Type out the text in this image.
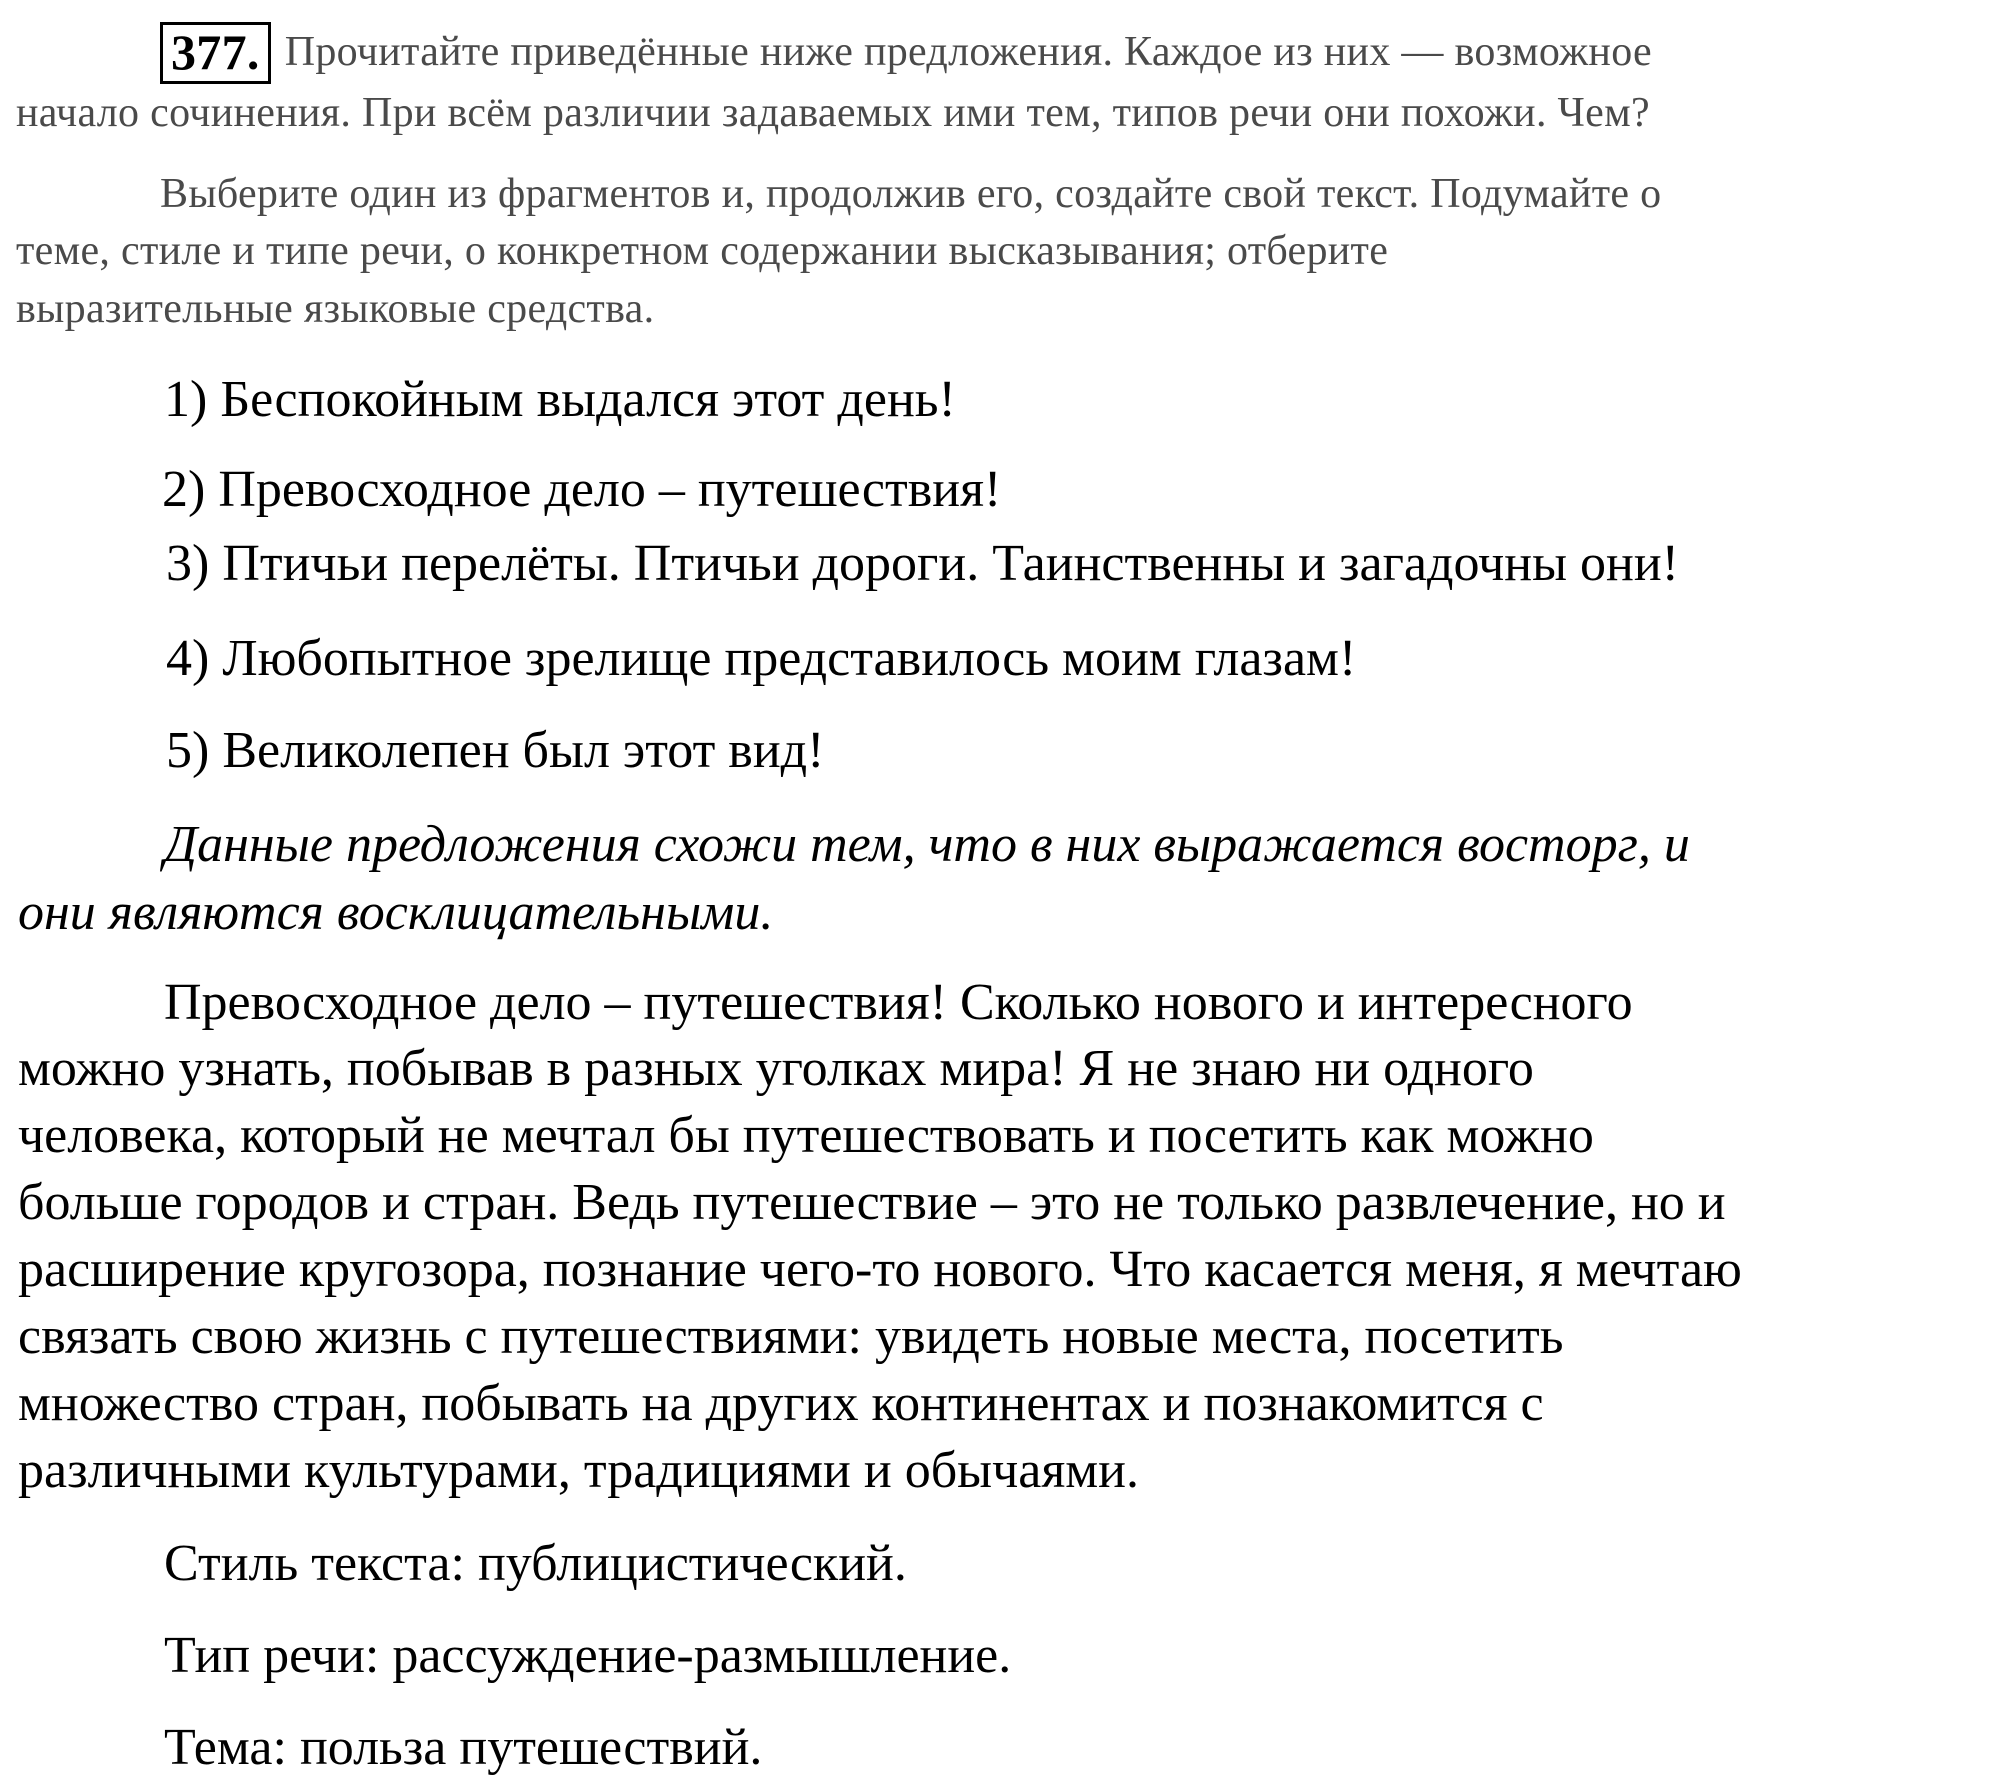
377. Прочитайте приведённые ниже предложения. Каждое из них — возможное
начало сочинения. При всём различии задаваемых ими тем, типов речи они похожи. Чем?
Выберите один из фрагментов и, продолжив его, создайте свой текст. Подумайте о
теме, стиле и типе речи, о конкретном содержании высказывания; отберите
выразительные языковые средства.
1) Беспокойным выдался этот день!
2) Превосходное дело – путешествия!
3) Птичьи перелёты. Птичьи дороги. Таинственны и загадочны они!
4) Любопытное зрелище представилось моим глазам!
5) Великолепен был этот вид!
Данные предложения схожи тем, что в них выражается восторг, и
они являются восклицательными.
Превосходное дело – путешествия! Сколько нового и интересного
можно узнать, побывав в разных уголках мира! Я не знаю ни одного
человека, который не мечтал бы путешествовать и посетить как можно
больше городов и стран. Ведь путешествие – это не только развлечение, но и
расширение кругозора, познание чего-то нового. Что касается меня, я мечтаю
связать свою жизнь с путешествиями: увидеть новые места, посетить
множество стран, побывать на других континентах и познакомится с
различными культурами, традициями и обычаями.
Стиль текста: публицистический.
Тип речи: рассуждение-размышление.
Тема: польза путешествий.
